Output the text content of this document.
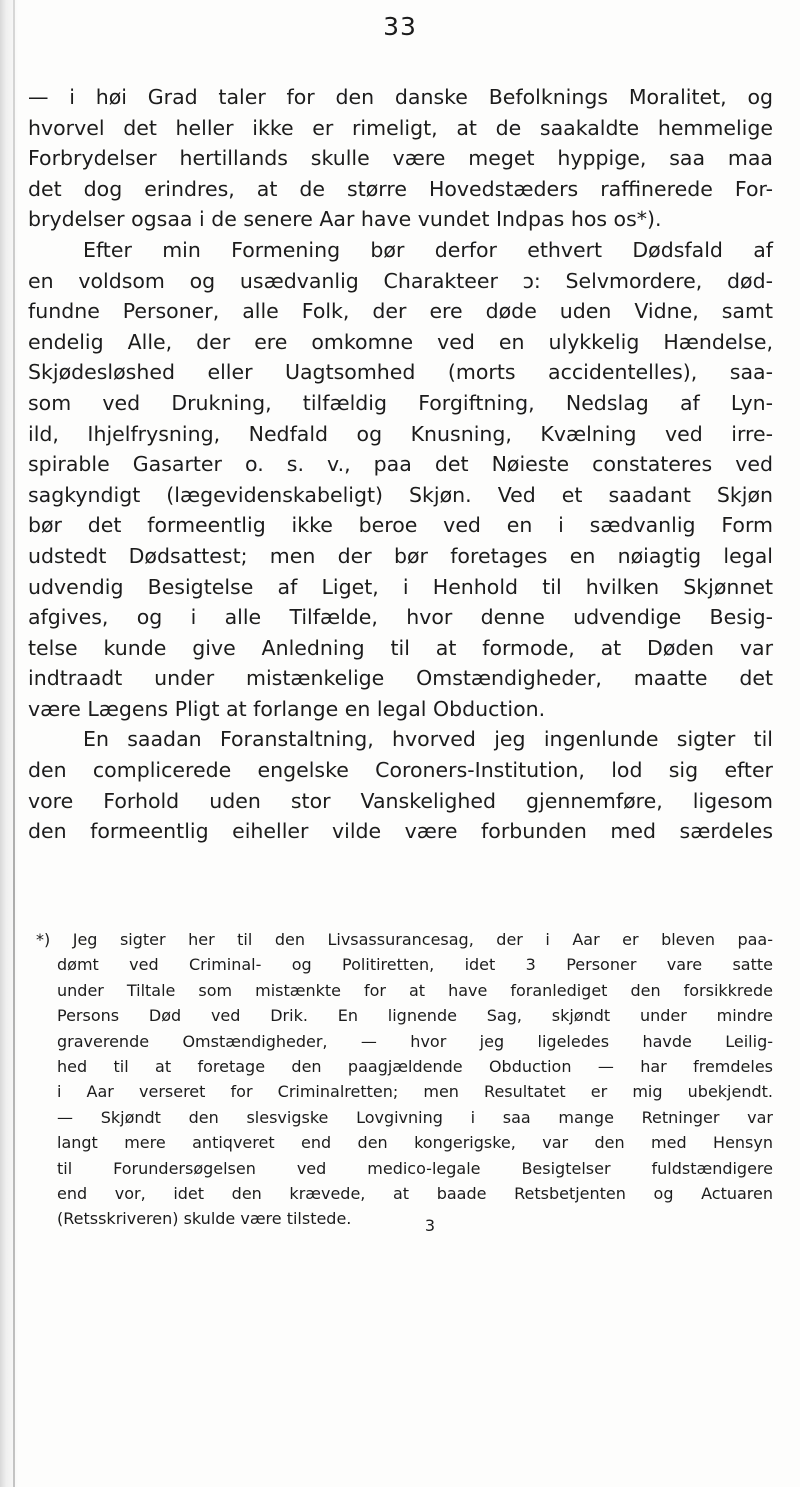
33
— i høi Grad taler for den danske Befolknings Moralitet, og
hvorvel det heller ikke er rimeligt, at de saakaldte hemmelige
Forbrydelser hertillands skulle være meget hyppige, saa maa
det dog erindres, at de større Hovedstæders raffinerede For-
brydelser ogsaa i de senere Aar have vundet Indpas hos os*).
Efter min Formening bør derfor ethvert Dødsfald af
en voldsom og usædvanlig Charakteer ɔ: Selvmordere, død-
fundne Personer, alle Folk, der ere døde uden Vidne, samt
endelig Alle, der ere omkomne ved en ulykkelig Hændelse,
Skjødesløshed eller Uagtsomhed (morts accidentelles), saa-
som ved Drukning, tilfældig Forgiftning, Nedslag af Lyn-
ild, Ihjelfrysning, Nedfald og Knusning, Kvælning ved irre-
spirable Gasarter o. s. v., paa det Nøieste constateres ved
sagkyndigt (lægevidenskabeligt) Skjøn. Ved et saadant Skjøn
bør det formeentlig ikke beroe ved en i sædvanlig Form
udstedt Dødsattest; men der bør foretages en nøiagtig legal
udvendig Besigtelse af Liget, i Henhold til hvilken Skjønnet
afgives, og i alle Tilfælde, hvor denne udvendige Besig-
telse kunde give Anledning til at formode, at Døden var
indtraadt under mistænkelige Omstændigheder, maatte det
være Lægens Pligt at forlange en legal Obduction.
En saadan Foranstaltning, hvorved jeg ingenlunde sigter til
den complicerede engelske Coroners-Institution, lod sig efter
vore Forhold uden stor Vanskelighed gjennemføre, ligesom
den formeentlig eiheller vilde være forbunden med særdeles
*) Jeg sigter her til den Livsassurancesag, der i Aar er bleven paa-
dømt ved Criminal- og Politiretten, idet 3 Personer vare satte
under Tiltale som mistænkte for at have foranlediget den forsikkrede
Persons Død ved Drik. En lignende Sag, skjøndt under mindre
graverende Omstændigheder, — hvor jeg ligeledes havde Leilig-
hed til at foretage den paagjældende Obduction — har fremdeles
i Aar verseret for Criminalretten; men Resultatet er mig ubekjendt.
— Skjøndt den slesvigske Lovgivning i saa mange Retninger var
langt mere antiqveret end den kongerigske, var den med Hensyn
til Forundersøgelsen ved medico-legale Besigtelser fuldstændigere
end vor, idet den krævede, at baade Retsbetjenten og Actuaren
(Retsskriveren) skulde være tilstede.	3
